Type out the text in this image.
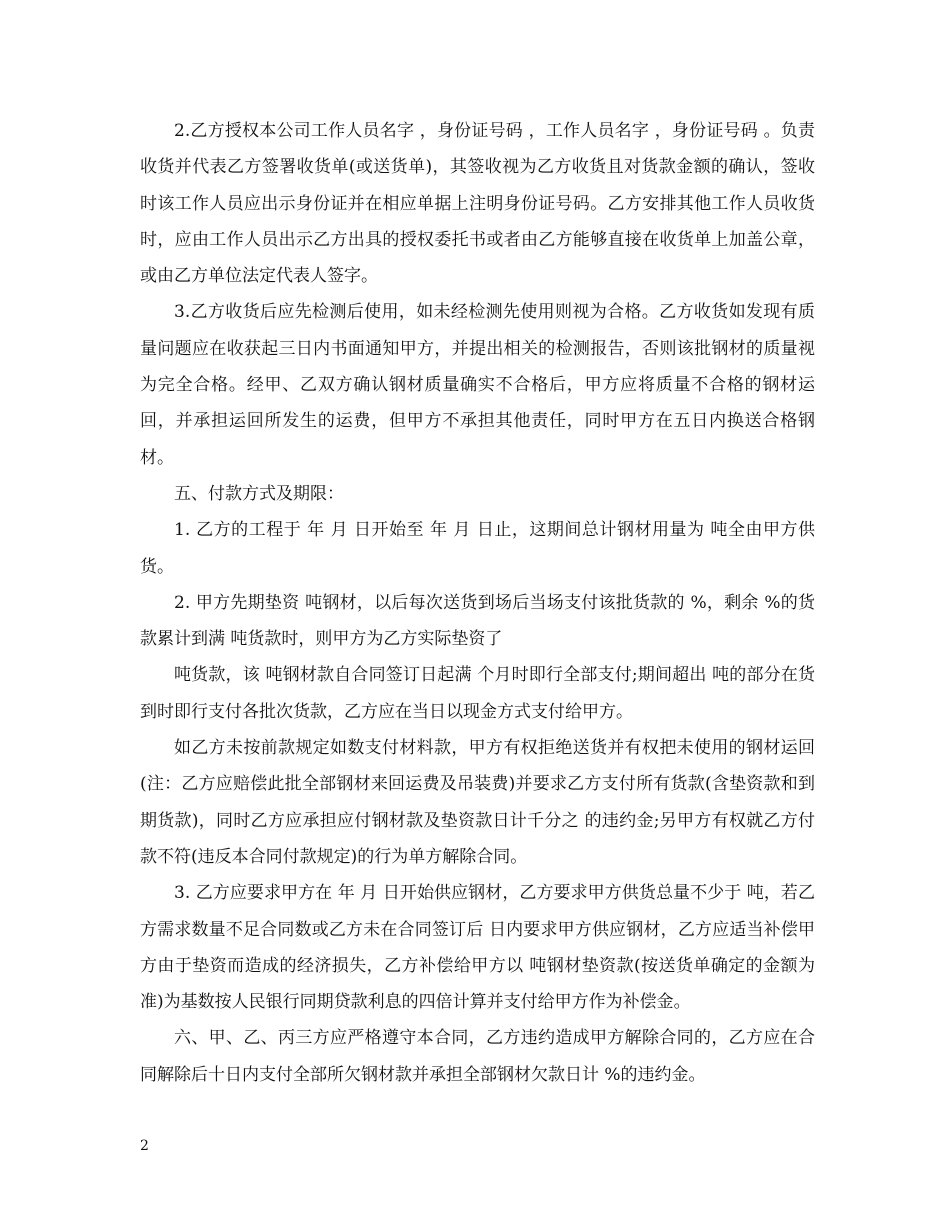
2.乙方授权本公司工作人员名字 ，身份证号码 ，工作人员名字 ，身份证号码 。负责收货并代表乙方签署收货单(或送货单)，其签收视为乙方收货且对货款金额的确认，签收时该工作人员应出示身份证并在相应单据上注明身份证号码。乙方安排其他工作人员收货时，应由工作人员出示乙方出具的授权委托书或者由乙方能够直接在收货单上加盖公章，或由乙方单位法定代表人签字。

3.乙方收货后应先检测后使用，如未经检测先使用则视为合格。乙方收货如发现有质量问题应在收获起三日内书面通知甲方，并提出相关的检测报告，否则该批钢材的质量视为完全合格。经甲、乙双方确认钢材质量确实不合格后，甲方应将质量不合格的钢材运回，并承担运回所发生的运费，但甲方不承担其他责任，同时甲方在五日内换送合格钢材。

五、付款方式及期限：

1. 乙方的工程于 年 月 日开始至 年 月 日止，这期间总计钢材用量为 吨全由甲方供货。

2. 甲方先期垫资 吨钢材，以后每次送货到场后当场支付该批货款的 %，剩余 %的货款累计到满 吨货款时，则甲方为乙方实际垫资了

吨货款，该 吨钢材款自合同签订日起满 个月时即行全部支付;期间超出 吨的部分在货到时即行支付各批次货款，乙方应在当日以现金方式支付给甲方。

如乙方未按前款规定如数支付材料款，甲方有权拒绝送货并有权把未使用的钢材运回(注：乙方应赔偿此批全部钢材来回运费及吊装费)并要求乙方支付所有货款(含垫资款和到期货款)，同时乙方应承担应付钢材款及垫资款日计千分之 的违约金;另甲方有权就乙方付款不符(违反本合同付款规定)的行为单方解除合同。

3. 乙方应要求甲方在 年 月 日开始供应钢材，乙方要求甲方供货总量不少于 吨，若乙方需求数量不足合同数或乙方未在合同签订后 日内要求甲方供应钢材，乙方应适当补偿甲方由于垫资而造成的经济损失，乙方补偿给甲方以 吨钢材垫资款(按送货单确定的金额为准)为基数按人民银行同期贷款利息的四倍计算并支付给甲方作为补偿金。

六、甲、乙、丙三方应严格遵守本合同，乙方违约造成甲方解除合同的，乙方应在合同解除后十日内支付全部所欠钢材款并承担全部钢材欠款日计 %的违约金。

2
